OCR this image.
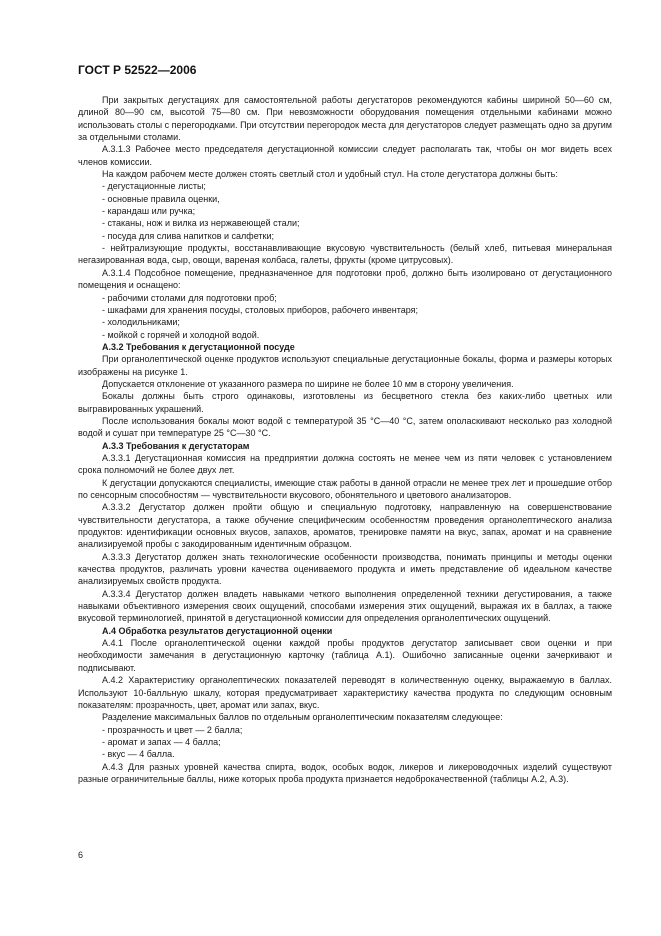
ГОСТ Р 52522—2006

При закрытых дегустациях для самостоятельной работы дегустаторов рекомендуются кабины шириной 50—60 см, длиной 80—90 см, высотой 75—80 см. При невозможности оборудования помещения отдельными кабинами можно использовать столы с перегородками. При отсутствии перегородок места для дегустаторов следует размещать одно за другим за отдельными столами.

А.3.1.3 Рабочее место председателя дегустационной комиссии следует располагать так, чтобы он мог видеть всех членов комиссии.

На каждом рабочем месте должен стоять светлый стол и удобный стул. На столе дегустатора должны быть:

- дегустационные листы;

- основные правила оценки,

- карандаш или ручка;

- стаканы, нож и вилка из нержавеющей стали;

- посуда для слива напитков и салфетки;

- нейтрализующие продукты, восстанавливающие вкусовую чувствительность (белый хлеб, питьевая минеральная негазированная вода, сыр, овощи, вареная колбаса, галеты, фрукты (кроме цитрусовых).

А.3.1.4 Подсобное помещение, предназначенное для подготовки проб, должно быть изолировано от дегустационного помещения и оснащено:

- рабочими столами для подготовки проб;

- шкафами для хранения посуды, столовых приборов, рабочего инвентаря;

- холодильниками;

- мойкой с горячей и холодной водой.

А.3.2 Требования к дегустационной посуде

При органолептической оценке продуктов используют специальные дегустационные бокалы, форма и размеры которых изображены на рисунке 1.

Допускается отклонение от указанного размера по ширине не более 10 мм в сторону увеличения.

Бокалы должны быть строго одинаковы, изготовлены из бесцветного стекла без каких-либо цветных или выгравированных украшений.

После использования бокалы моют водой с температурой 35 °С—40 °С, затем ополаскивают несколько раз холодной водой и сушат при температуре 25 °С—30 °С.

А.3.3 Требования к дегустаторам

А.3.3.1 Дегустационная комиссия на предприятии должна состоять не менее чем из пяти человек с установлением срока полномочий не более двух лет.

К дегустации допускаются специалисты, имеющие стаж работы в данной отрасли не менее трех лет и прошедшие отбор по сенсорным способностям — чувствительности вкусового, обонятельного и цветового анализаторов.

А.3.3.2 Дегустатор должен пройти общую и специальную подготовку, направленную на совершенствование чувствительности дегустатора, а также обучение специфическим особенностям проведения органолептического анализа продуктов: идентификации основных вкусов, запахов, ароматов, тренировке памяти на вкус, запах, аромат и на сравнение анализируемой пробы с закодированным идентичным образцом.

А.3.3.3 Дегустатор должен знать технологические особенности производства, понимать принципы и методы оценки качества продуктов, различать уровни качества оцениваемого продукта и иметь представление об идеальном качестве анализируемых свойств продукта.

А.3.3.4 Дегустатор должен владеть навыками четкого выполнения определенной техники дегустирования, а также навыками объективного измерения своих ощущений, способами измерения этих ощущений, выражая их в баллах, а также вкусовой терминологией, принятой в дегустационной комиссии для определения органолептических ощущений.

А.4 Обработка результатов дегустационной оценки

А.4.1 После органолептической оценки каждой пробы продуктов дегустатор записывает свои оценки и при необходимости замечания в дегустационную карточку (таблица А.1). Ошибочно записанные оценки зачеркивают и подписывают.

А.4.2 Характеристику органолептических показателей переводят в количественную оценку, выражаемую в баллах. Используют 10-балльную шкалу, которая предусматривает характеристику качества продукта по следующим основным показателям: прозрачность, цвет, аромат или запах, вкус.

Разделение максимальных баллов по отдельным органолептическим показателям следующее:

- прозрачность и цвет — 2 балла;

- аромат и запах — 4 балла;

- вкус — 4 балла.

А.4.3 Для разных уровней качества спирта, водок, особых водок, ликеров и ликероводочных изделий существуют разные ограничительные баллы, ниже которых проба продукта признается недоброкачественной (таблицы А.2, А.3).

6
